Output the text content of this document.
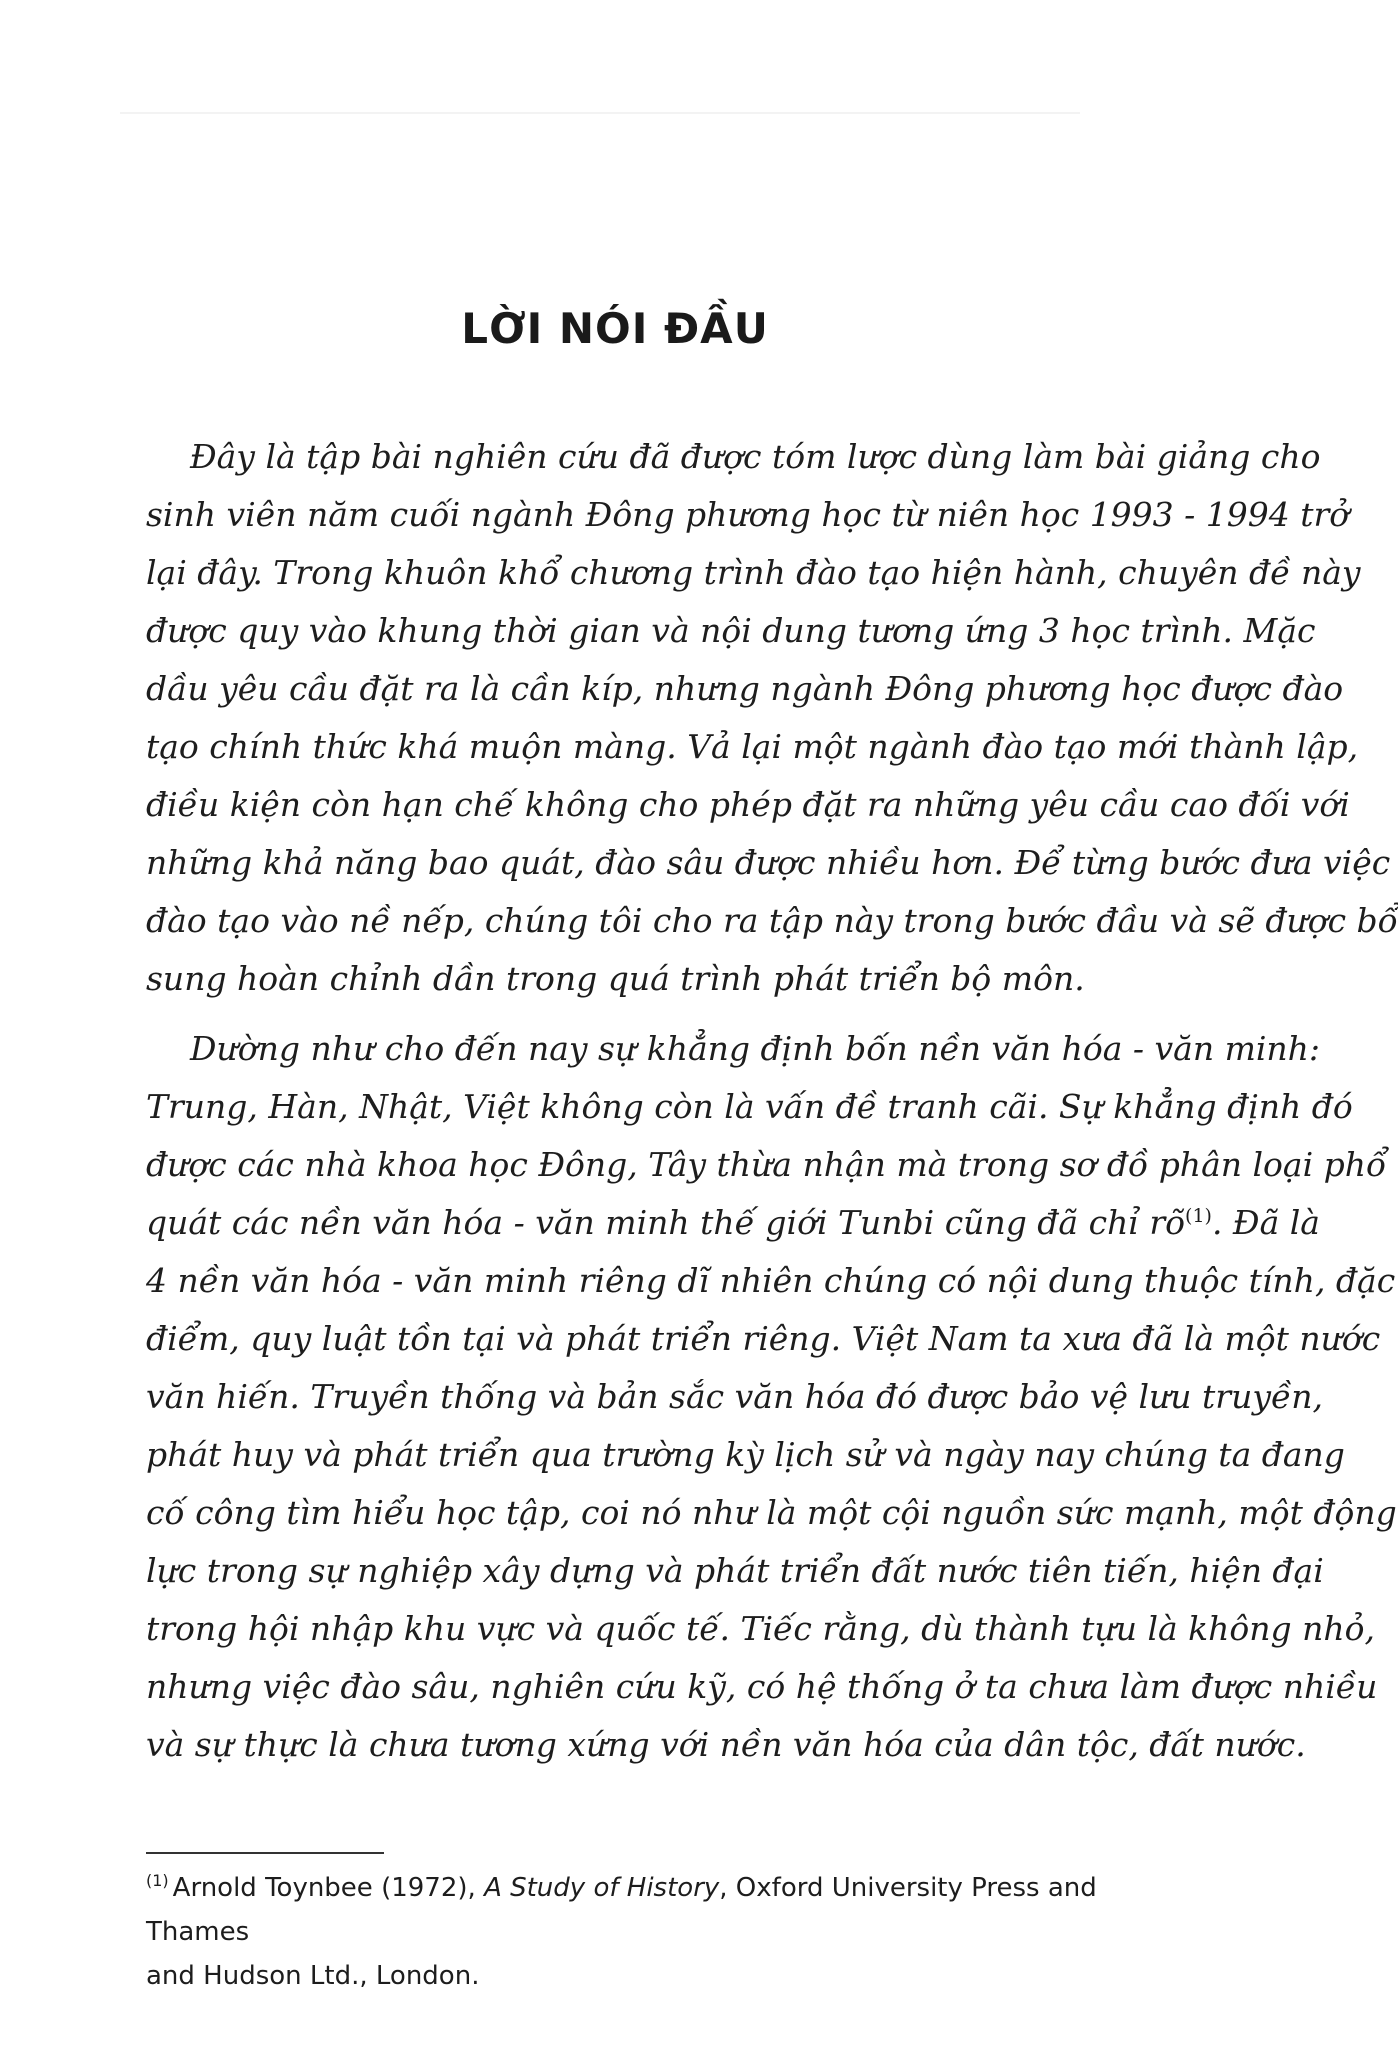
LỜI NÓI ĐẦU
Đây là tập bài nghiên cứu đã được tóm lược dùng làm bài giảng cho
sinh viên năm cuối ngành Đông phương học từ niên học 1993 - 1994 trở
lại đây. Trong khuôn khổ chương trình đào tạo hiện hành, chuyên đề này
được quy vào khung thời gian và nội dung tương ứng 3 học trình. Mặc
dầu yêu cầu đặt ra là cần kíp, nhưng ngành Đông phương học được đào
tạo chính thức khá muộn màng. Vả lại một ngành đào tạo mới thành lập,
điều kiện còn hạn chế không cho phép đặt ra những yêu cầu cao đối với
những khả năng bao quát, đào sâu được nhiều hơn. Để từng bước đưa việc
đào tạo vào nề nếp, chúng tôi cho ra tập này trong bước đầu và sẽ được bổ
sung hoàn chỉnh dần trong quá trình phát triển bộ môn.
Dường như cho đến nay sự khẳng định bốn nền văn hóa - văn minh:
Trung, Hàn, Nhật, Việt không còn là vấn đề tranh cãi. Sự khẳng định đó
được các nhà khoa học Đông, Tây thừa nhận mà trong sơ đồ phân loại phổ
quát các nền văn hóa - văn minh thế giới Tunbi cũng đã chỉ rõ$^{(1)}$. Đã là
4 nền văn hóa - văn minh riêng dĩ nhiên chúng có nội dung thuộc tính, đặc
điểm, quy luật tồn tại và phát triển riêng. Việt Nam ta xưa đã là một nước
văn hiến. Truyền thống và bản sắc văn hóa đó được bảo vệ lưu truyền,
phát huy và phát triển qua trường kỳ lịch sử và ngày nay chúng ta đang
cố công tìm hiểu học tập, coi nó như là một cội nguồn sức mạnh, một động
lực trong sự nghiệp xây dựng và phát triển đất nước tiên tiến, hiện đại
trong hội nhập khu vực và quốc tế. Tiếc rằng, dù thành tựu là không nhỏ,
nhưng việc đào sâu, nghiên cứu kỹ, có hệ thống ở ta chưa làm được nhiều
và sự thực là chưa tương xứng với nền văn hóa của dân tộc, đất nước.
$^{(1)}$ Arnold Toynbee (1972), A Study of History, Oxford University Press and Thames
and Hudson Ltd., London.
